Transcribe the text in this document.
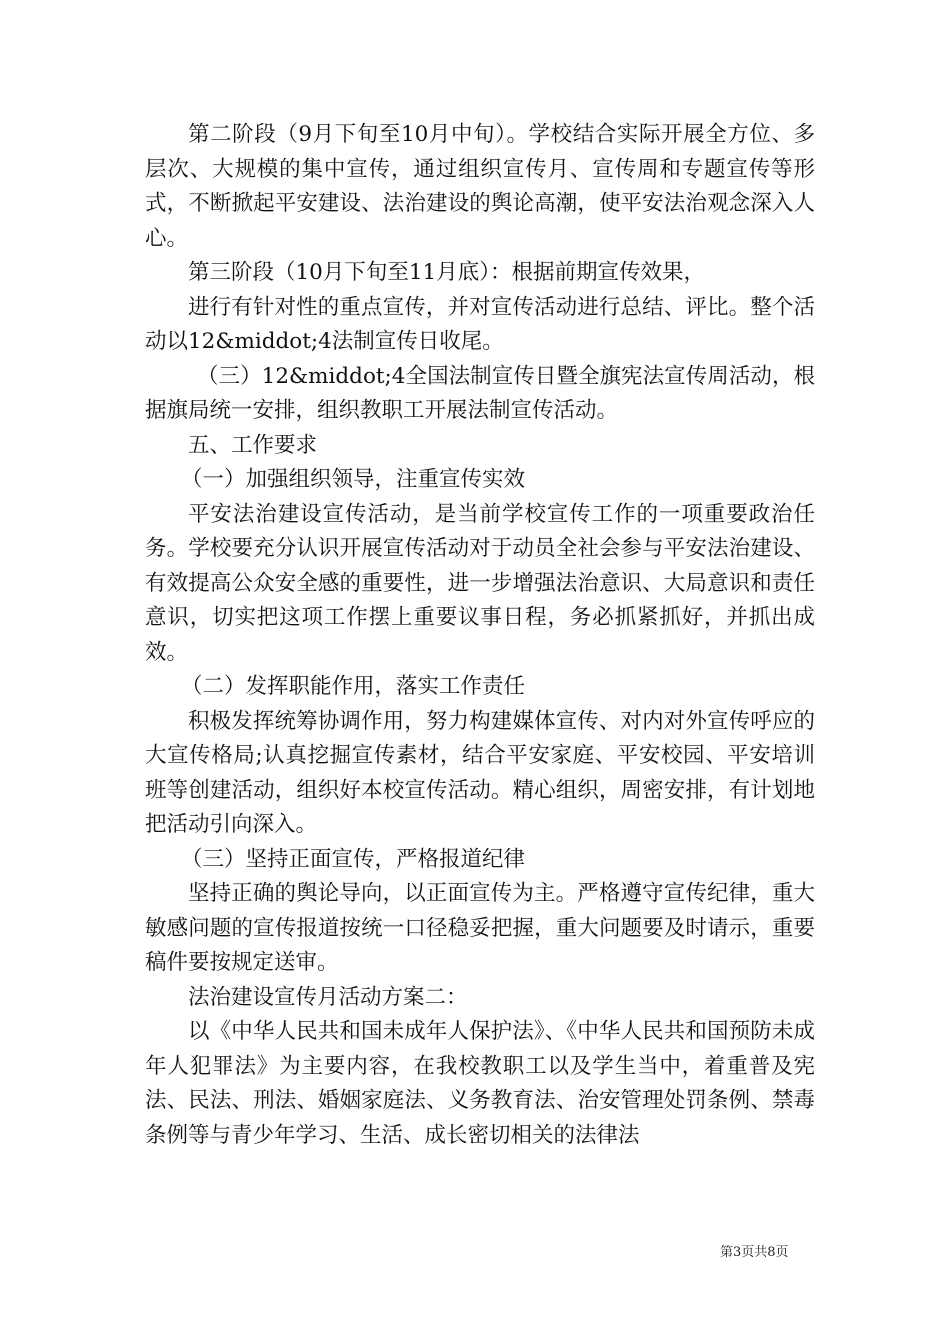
第二阶段（9月下旬至10月中旬）。学校结合实际开展全方位、多层次、大规模的集中宣传，通过组织宣传月、宣传周和专题宣传等形式，不断掀起平安建设、法治建设的舆论高潮，使平安法治观念深入人心。

第三阶段（10月下旬至11月底）：根据前期宣传效果，

进行有针对性的重点宣传，并对宣传活动进行总结、评比。整个活动以12&middot;4法制宣传日收尾。

（三）12&middot;4全国法制宣传日暨全旗宪法宣传周活动，根据旗局统一安排，组织教职工开展法制宣传活动。

五、工作要求

（一）加强组织领导，注重宣传实效

平安法治建设宣传活动，是当前学校宣传工作的一项重要政治任务。学校要充分认识开展宣传活动对于动员全社会参与平安法治建设、有效提高公众安全感的重要性，进一步增强法治意识、大局意识和责任意识，切实把这项工作摆上重要议事日程，务必抓紧抓好，并抓出成效。

（二）发挥职能作用，落实工作责任

积极发挥统筹协调作用，努力构建媒体宣传、对内对外宣传呼应的大宣传格局;认真挖掘宣传素材，结合平安家庭、平安校园、平安培训班等创建活动，组织好本校宣传活动。精心组织，周密安排，有计划地把活动引向深入。

（三）坚持正面宣传，严格报道纪律

坚持正确的舆论导向，以正面宣传为主。严格遵守宣传纪律，重大敏感问题的宣传报道按统一口径稳妥把握，重大问题要及时请示，重要稿件要按规定送审。

法治建设宣传月活动方案二：

以《中华人民共和国未成年人保护法》、《中华人民共和国预防未成年人犯罪法》为主要内容，在我校教职工以及学生当中，着重普及宪法、民法、刑法、婚姻家庭法、义务教育法、治安管理处罚条例、禁毒条例等与青少年学习、生活、成长密切相关的法律法

第3页共8页
